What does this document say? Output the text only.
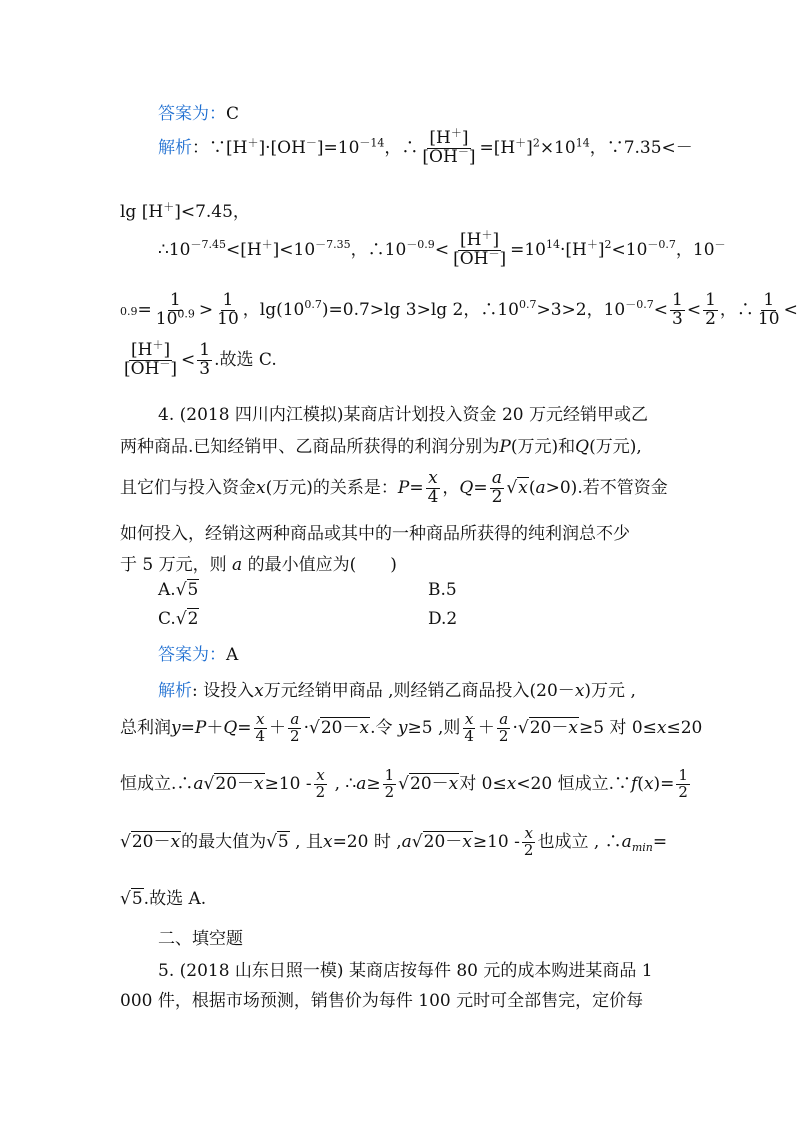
答案为：C
解析：$\because[H^+]\cdot[OH^-]=10^{-14}$，∴ $\frac{[H^+]}{[OH^-]} =[H^+]^2\times 10^{14}$，∵7.35<－
lg [H＋]<7.45，
$\therefore 10^{-7.45}<[H^+]<10^{-7.35}$，$\therefore 10^{-0.9}< \frac{[H^+]}{[OH^-]} =10^{14}\cdot[H^+]^2<10^{-0.7}$，10－
$0.9= \frac{1}{10^{0.9}} > \frac{1}{10}$ ，$\lg(10^{0.7})=0.7>\lg$ 3>lg 2，$\therefore 10^{0.7}>3>2$，$10^{-0.7}< \frac{1}{3} < \frac{1}{2}$ ，∴ $\frac{1}{10}$ <
$\frac{[H^+]}{[OH^-]} < \frac{1}{3}$ .故选 C.
4. (2018 四川内江模拟)某商店计划投入资金 20 万元经销甲或乙
两种商品.已知经销甲、乙商品所获得的利润分别为P(万元)和Q(万元),
且它们与投入资金x(万元)的关系是：$P= \frac{x}{4}$ ，$Q= \frac{a}{2} √x(a>0)$.若不管资金
如何投入，经销这两种商品或其中的一种商品所获得的纯利润总不少
于 5 万元，则 a 的最小值应为(　　)
A.√5	B.5
C.√2	D.2
答案为：A
解析: 设投入x万元经销甲商品 ,则经销乙商品投入(20－x)万元 ,
总利润$y=P+Q= \frac{x}{4} + \frac{a}{2} \cdot√20-x$.令 y≥5 ,则 $\frac{x}{4} + \frac{a}{2} \cdot√20-x\ge 5$ 对 0≤x≤20
恒成立.∴a√20－x≥10 - $\frac{x}{2}$ , ∴a≥ $\frac{1}{2} √20-x$对 0≤x<20 恒成立.∵f(x)= $\frac{1}{2}$
√20－x的最大值为√5 , 且x=20 时 $,a√20-x\ge 10 - \frac{x}{2}$ 也成立 , $\therefore a_{min}=$
√5.故选 A.
二、填空题
5. (2018 山东日照一模) 某商店按每件 80 元的成本购进某商品 1
000 件，根据市场预测，销售价为每件 100 元时可全部售完，定价每
